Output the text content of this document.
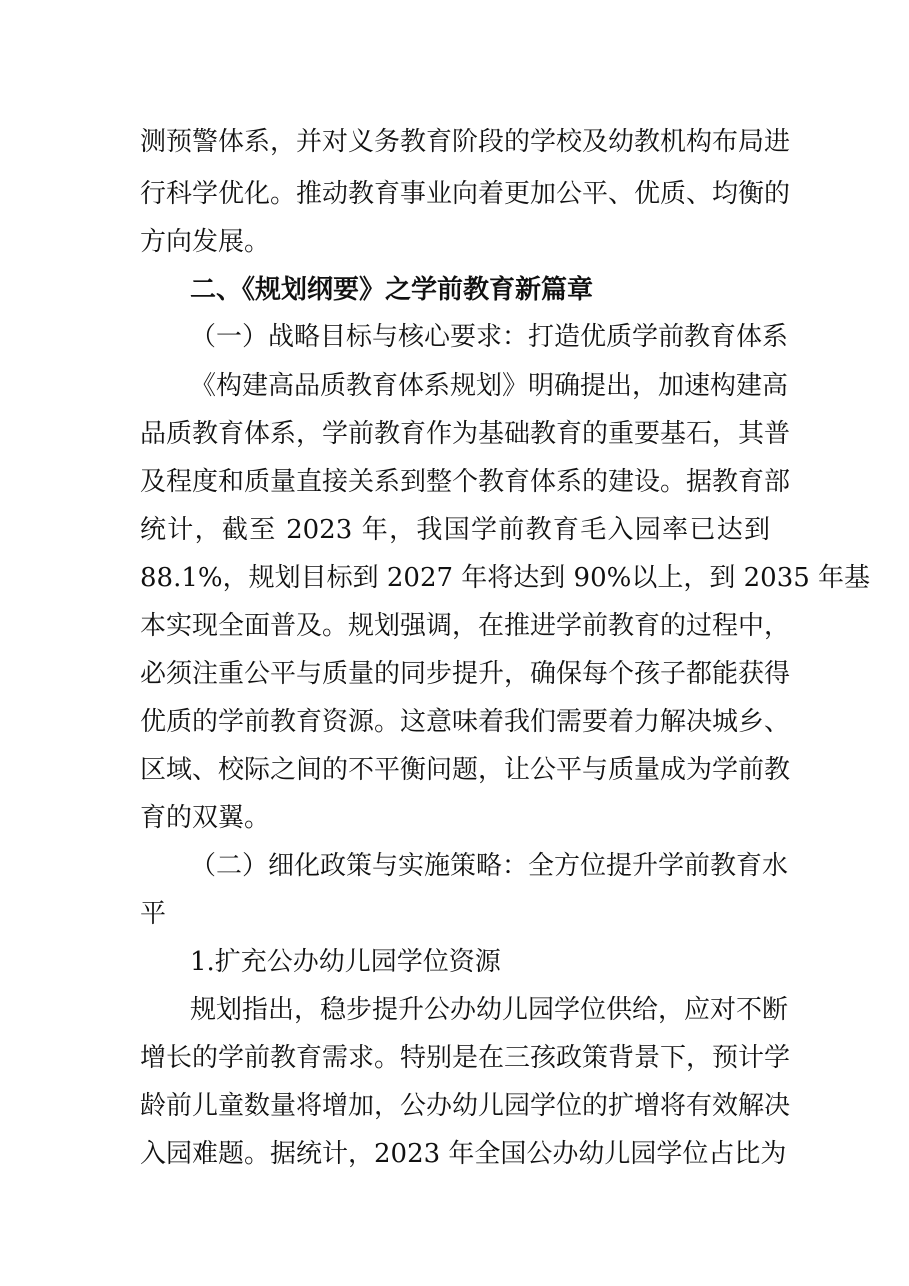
测预警体系，并对义务教育阶段的学校及幼教机构布局进
行科学优化。推动教育事业向着更加公平、优质、均衡的
方向发展。
二、《规划纲要》之学前教育新篇章
（一）战略目标与核心要求：打造优质学前教育体系
《构建高品质教育体系规划》明确提出，加速构建高
品质教育体系，学前教育作为基础教育的重要基石，其普
及程度和质量直接关系到整个教育体系的建设。据教育部
统计，截至 2023 年，我国学前教育毛入园率已达到
88.1%，规划目标到 2027 年将达到 90%以上，到 2035 年基
本实现全面普及。规划强调，在推进学前教育的过程中，
必须注重公平与质量的同步提升，确保每个孩子都能获得
优质的学前教育资源。这意味着我们需要着力解决城乡、
区域、校际之间的不平衡问题，让公平与质量成为学前教
育的双翼。
（二）细化政策与实施策略：全方位提升学前教育水
平
1.扩充公办幼儿园学位资源
规划指出，稳步提升公办幼儿园学位供给，应对不断
增长的学前教育需求。特别是在三孩政策背景下，预计学
龄前儿童数量将增加，公办幼儿园学位的扩增将有效解决
入园难题。据统计，2023 年全国公办幼儿园学位占比为
